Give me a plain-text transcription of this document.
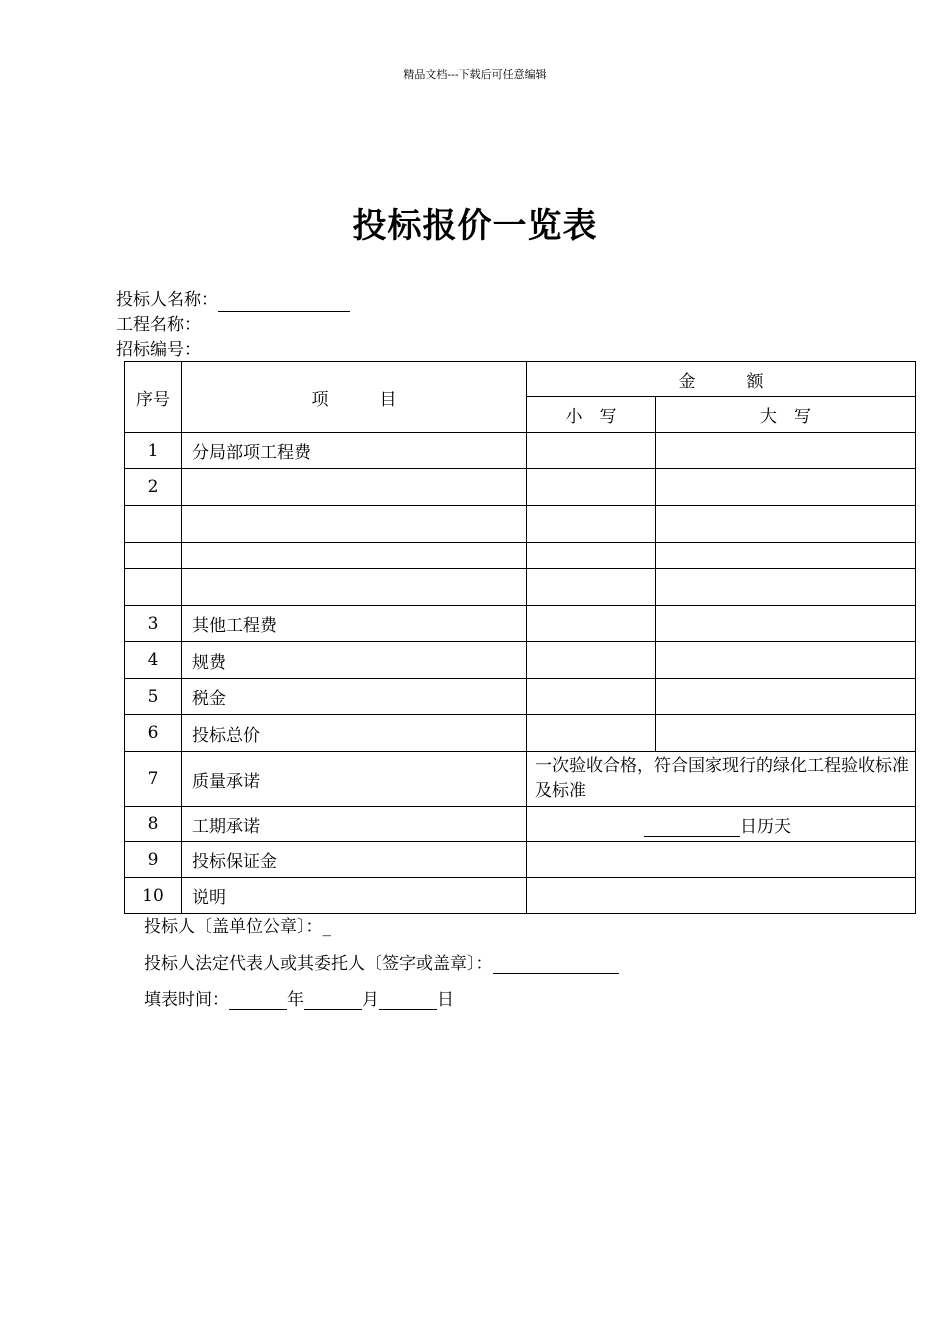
精品文档---下载后可任意编辑
投标报价一览表
投标人名称：
工程名称：
招标编号：
序号	项　　　目	金　　　额	
		小　写	大　写
1	分局部项工程费		
2			

3	其他工程费		
4	规费		
5	税金		
6	投标总价		
7	质量承诺	一次验收合格，符合国家现行的绿化工程验收标准及标准	
8	工期承诺	日历天	

9	投标保证金		
10	说明		
投标人〔盖单位公章〕：_
投标人法定代表人或其委托人〔签字或盖章〕：
填表时间：	年	月	日
